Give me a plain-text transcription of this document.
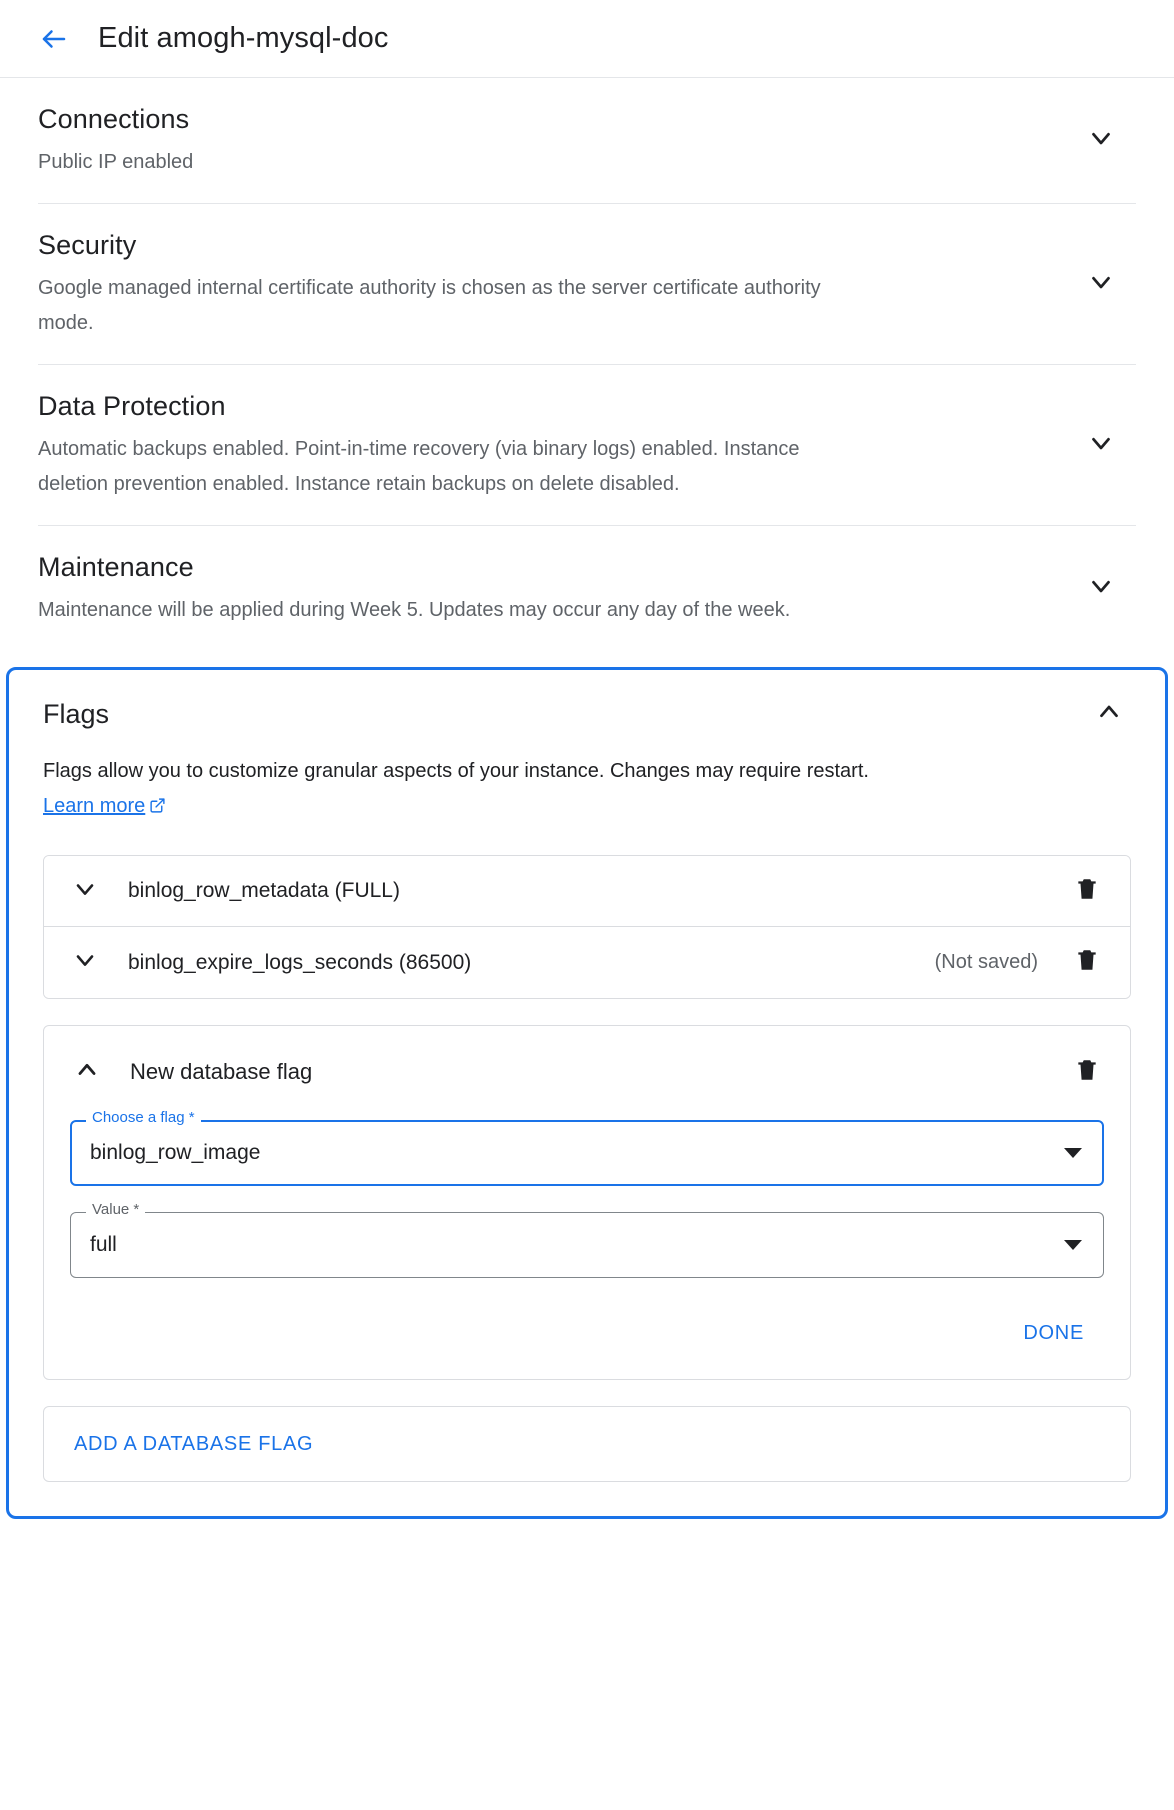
Edit amogh-mysql-doc
Connections
Public IP enabled
Security
Google managed internal certificate authority is chosen as the server certificate authority mode.
Data Protection
Automatic backups enabled. Point-in-time recovery (via binary logs) enabled. Instance deletion prevention enabled. Instance retain backups on delete disabled.
Maintenance
Maintenance will be applied during Week 5. Updates may occur any day of the week.
Flags

Flags allow you to customize granular aspects of your instance. Changes may require restart. Learn more

binlog_row_metadata (FULL)
binlog_expire_logs_seconds (86500)	(Not saved)
New database flag
Choose a flag *
binlog_row_image
Value *
full
DONE
ADD A DATABASE FLAG
